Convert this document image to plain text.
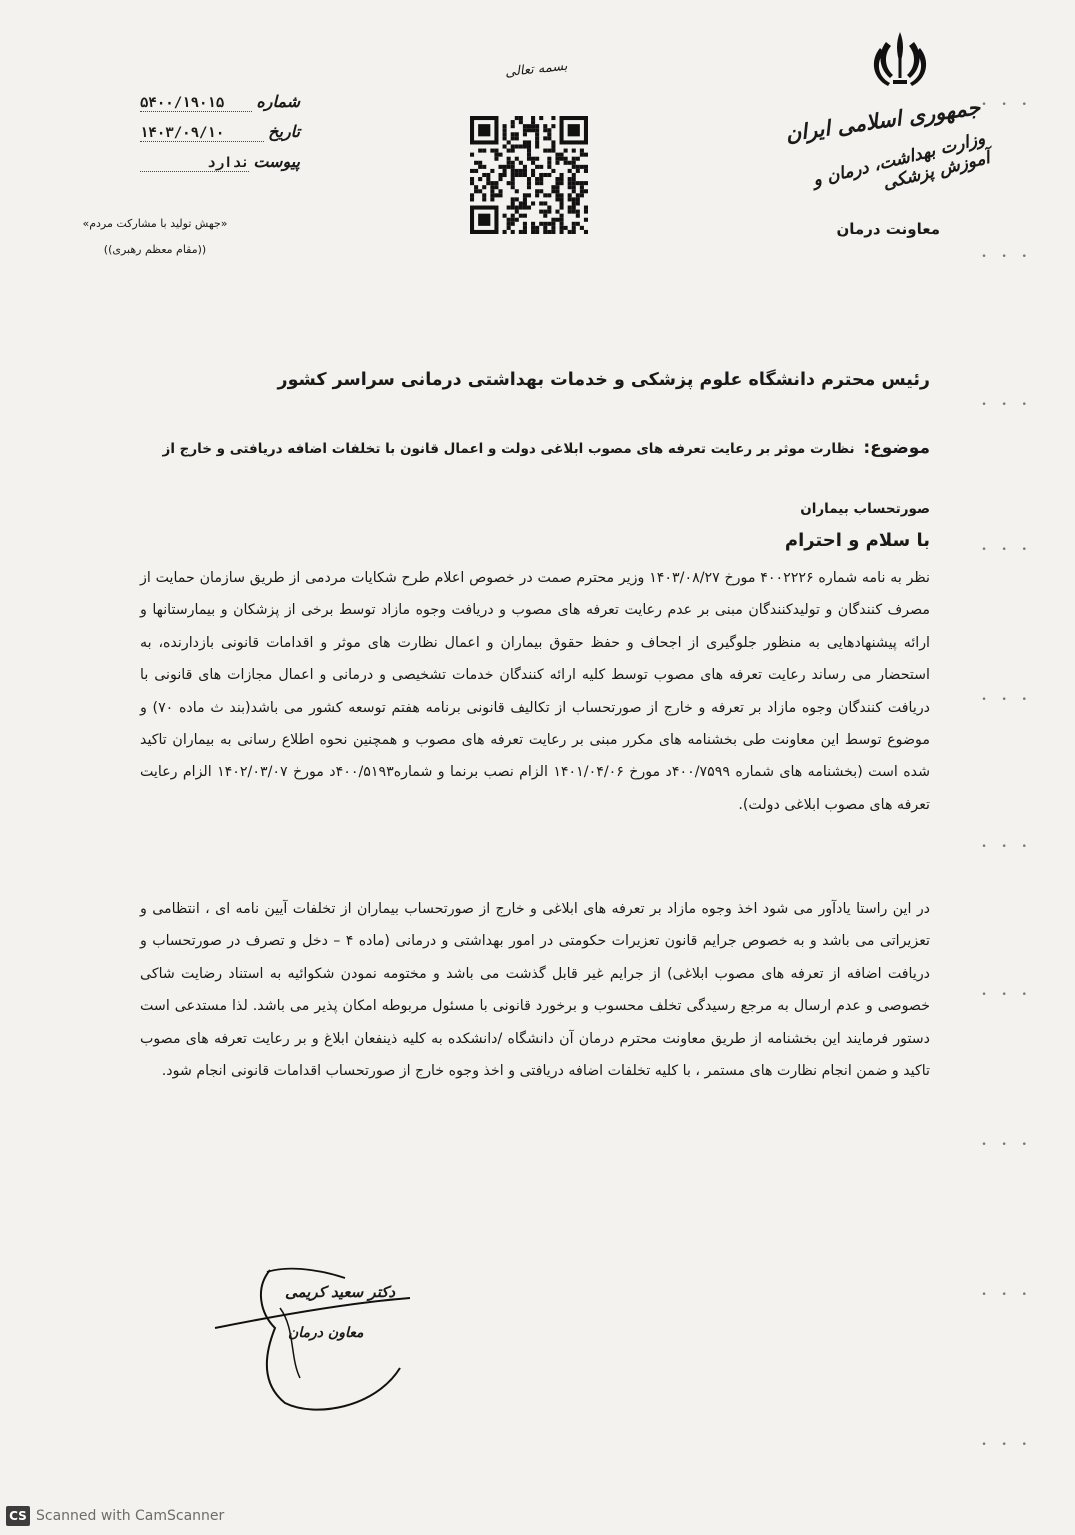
جمهوری اسلامی ایران
وزارت بهداشت، درمان و آموزش پزشکی
معاونت درمان
بسمه تعالی
شماره
۵۴۰۰/۱۹۰۱۵
تاریخ
۱۴۰۳/۰۹/۱۰
پیوست
ندارد
«جهش تولید با مشارکت مردم»
((مقام معظم رهبری))
رئیس محترم دانشگاه علوم پزشکی و خدمات بهداشتی درمانی سراسر کشور
موضوع: نظارت موثر بر رعایت تعرفه های مصوب ابلاغی دولت و اعمال قانون با تخلفات اضافه دریافتی و خارج از صورتحساب بیماران
با سلام و احترام
نظر به نامه شماره ۴۰۰۲۲۲۶ مورخ ۱۴۰۳/۰۸/۲۷ وزیر محترم صمت در خصوص اعلام طرح شکایات مردمی از طریق سازمان حمایت از مصرف کنندگان و تولیدکنندگان مبنی بر عدم رعایت تعرفه های مصوب و دریافت وجوه مازاد توسط برخی از پزشکان و بیمارستانها و ارائه پیشنهادهایی به منظور جلوگیری از اجحاف و حفظ حقوق بیماران و اعمال نظارت های موثر و اقدامات قانونی بازدارنده، به استحضار می رساند رعایت تعرفه های مصوب توسط کلیه ارائه کنندگان خدمات تشخیصی و درمانی و اعمال مجازات های قانونی با دریافت کنندگان وجوه مازاد بر تعرفه و خارج از صورتحساب از تکالیف قانونی برنامه هفتم توسعه کشور می باشد(بند ث ماده ۷۰) و موضوع توسط این معاونت طی بخشنامه های مکرر مبنی بر رعایت تعرفه های مصوب و همچنین نحوه اطلاع رسانی به بیماران تاکید شده است (بخشنامه های شماره ۴۰۰/۷۵۹۹د مورخ ۱۴۰۱/۰۴/۰۶ الزام نصب برنما و شماره۴۰۰/۵۱۹۳د مورخ ۱۴۰۲/۰۳/۰۷ الزام رعایت تعرفه های مصوب ابلاغی دولت).
در این راستا یادآور می شود اخذ وجوه مازاد بر تعرفه های ابلاغی و خارج از صورتحساب بیماران از تخلفات آیین نامه ای ، انتظامی و تعزیراتی می باشد و به خصوص جرایم قانون تعزیرات حکومتی در امور بهداشتی و درمانی (ماده ۴ – دخل و تصرف در صورتحساب و دریافت اضافه از تعرفه های مصوب ابلاغی) از جرایم غیر قابل گذشت می باشد و مختومه نمودن شکوائیه به استناد رضایت شاکی خصوصی و عدم ارسال به مرجع رسیدگی تخلف محسوب و برخورد قانونی با مسئول مربوطه امکان پذیر می باشد. لذا مستدعی است دستور فرمایند این بخشنامه از طریق معاونت محترم درمان آن دانشگاه /دانشکده به کلیه ذینفعان ابلاغ و بر رعایت تعرفه های مصوب تاکید و ضمن انجام نظارت های مستمر ، با کلیه تخلفات اضافه دریافتی و اخذ وجوه خارج از صورتحساب اقدامات قانونی انجام شود.
دکتر سعید کریمی
معاون درمان
• • •
• • •
• • •
• • •
• • •
• • •
• • •
• • •
• • •
• • •
CS Scanned with CamScanner
